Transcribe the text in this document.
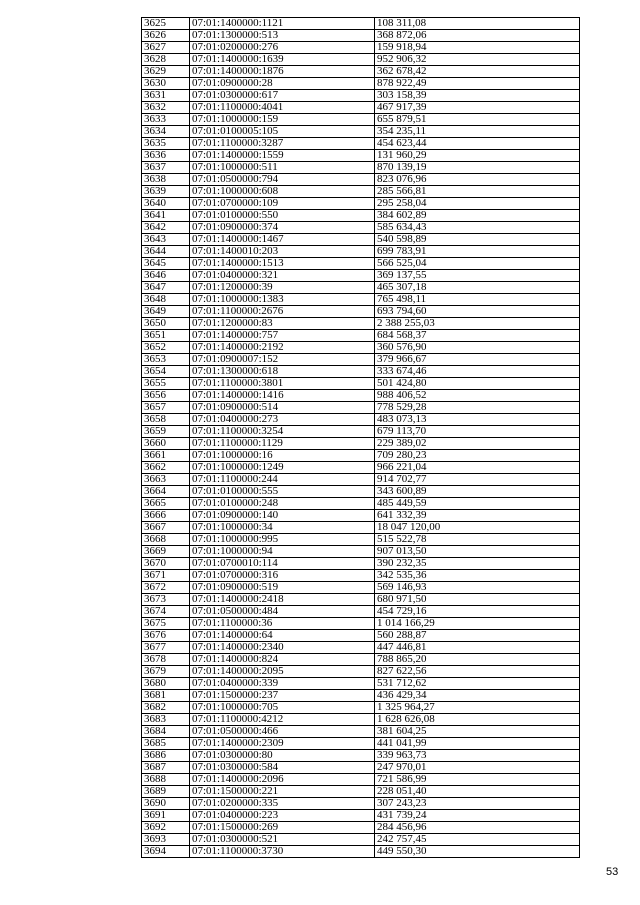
3625	07:01:1400000:1121	108 311,08
3626	07:01:1300000:513	368 872,06
3627	07:01:0200000:276	159 918,94
3628	07:01:1400000:1639	952 906,32
3629	07:01:1400000:1876	362 678,42
3630	07:01:0900000:28	878 922,49
3631	07:01:0300000:617	303 158,39
3632	07:01:1100000:4041	467 917,39
3633	07:01:1000000:159	655 879,51
3634	07:01:0100005:105	354 235,11
3635	07:01:1100000:3287	454 623,44
3636	07:01:1400000:1559	131 960,29
3637	07:01:1000000:511	870 139,19
3638	07:01:0500000:794	823 076,96
3639	07:01:1000000:608	285 566,81
3640	07:01:0700000:109	295 258,04
3641	07:01:0100000:550	384 602,89
3642	07:01:0900000:374	585 634,43
3643	07:01:1400000:1467	540 598,89
3644	07:01:1400010:203	699 783,91
3645	07:01:1400000:1513	566 525,04
3646	07:01:0400000:321	369 137,55
3647	07:01:1200000:39	465 307,18
3648	07:01:1000000:1383	765 498,11
3649	07:01:1100000:2676	693 794,60
3650	07:01:1200000:83	2 388 255,03
3651	07:01:1400000:757	684 568,37
3652	07:01:1400000:2192	360 576,90
3653	07:01:0900007:152	379 966,67
3654	07:01:1300000:618	333 674,46
3655	07:01:1100000:3801	501 424,80
3656	07:01:1400000:1416	988 406,52
3657	07:01:0900000:514	778 529,28
3658	07:01:0400000:273	483 073,13
3659	07:01:1100000:3254	679 113,70
3660	07:01:1100000:1129	229 389,02
3661	07:01:1000000:16	709 280,23
3662	07:01:1000000:1249	966 221,04
3663	07:01:1100000:244	914 702,77
3664	07:01:0100000:555	343 600,89
3665	07:01:0100000:248	485 449,59
3666	07:01:0900000:140	641 332,39
3667	07:01:1000000:34	18 047 120,00
3668	07:01:1000000:995	515 522,78
3669	07:01:1000000:94	907 013,50
3670	07:01:0700010:114	390 232,35
3671	07:01:0700000:316	342 535,36
3672	07:01:0900000:519	569 146,93
3673	07:01:1400000:2418	680 971,50
3674	07:01:0500000:484	454 729,16
3675	07:01:1100000:36	1 014 166,29
3676	07:01:1400000:64	560 288,87
3677	07:01:1400000:2340	447 446,81
3678	07:01:1400000:824	788 865,20
3679	07:01:1400000:2095	827 622,56
3680	07:01:0400000:339	531 712,62
3681	07:01:1500000:237	436 429,34
3682	07:01:1000000:705	1 325 964,27
3683	07:01:1100000:4212	1 628 626,08
3684	07:01:0500000:466	381 604,25
3685	07:01:1400000:2309	441 041,99
3686	07:01:0300000:80	339 963,73
3687	07:01:0300000:584	247 970,01
3688	07:01:1400000:2096	721 586,99
3689	07:01:1500000:221	228 051,40
3690	07:01:0200000:335	307 243,23
3691	07:01:0400000:223	431 739,24
3692	07:01:1500000:269	284 456,96
3693	07:01:0300000:521	242 757,45
3694	07:01:1100000:3730	449 550,30
53
